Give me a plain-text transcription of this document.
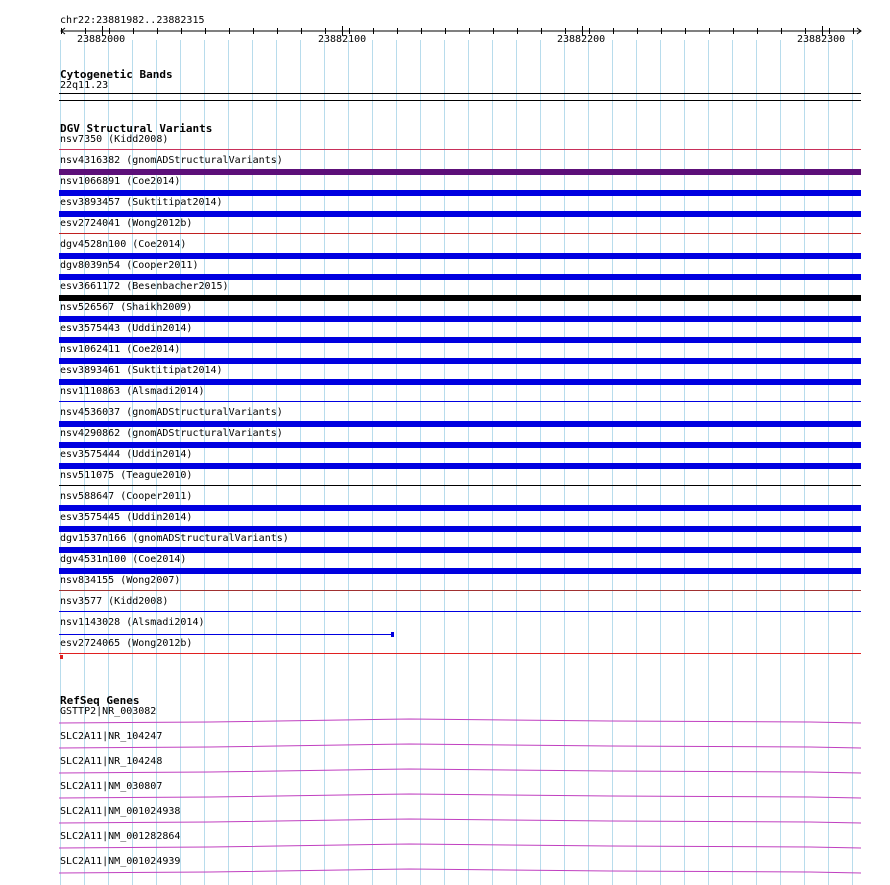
chr22:23881982..23882315
23882000	23882100	23882200	23882300
Cytogenetic Bands
22q11.23
DGV Structural Variants
nsv7350 (Kidd2008)
nsv4316382 (gnomADStructuralVariants)
nsv1066891 (Coe2014)
esv3893457 (Suktitipat2014)
esv2724041 (Wong2012b)
dgv4528n100 (Coe2014)
dgv8039n54 (Cooper2011)
esv3661172 (Besenbacher2015)
nsv526567 (Shaikh2009)
esv3575443 (Uddin2014)
nsv1062411 (Coe2014)
esv3893461 (Suktitipat2014)
nsv1110863 (Alsmadi2014)
nsv4536037 (gnomADStructuralVariants)
nsv4290862 (gnomADStructuralVariants)
esv3575444 (Uddin2014)
nsv511075 (Teague2010)
nsv588647 (Cooper2011)
esv3575445 (Uddin2014)
dgv1537n166 (gnomADStructuralVariants)
dgv4531n100 (Coe2014)
nsv834155 (Wong2007)
nsv3577 (Kidd2008)
nsv1143028 (Alsmadi2014)
esv2724065 (Wong2012b)
RefSeq Genes
GSTTP2|NR_003082
SLC2A11|NR_104247
SLC2A11|NR_104248
SLC2A11|NM_030807
SLC2A11|NM_001024938
SLC2A11|NM_001282864
SLC2A11|NM_001024939
